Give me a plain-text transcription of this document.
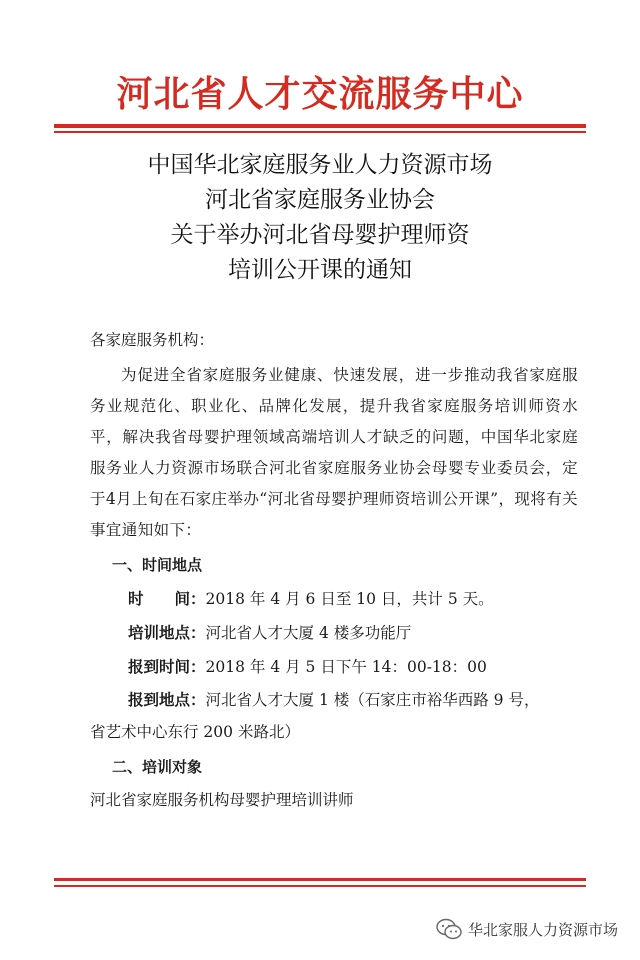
河北省人才交流服务中心
中国华北家庭服务业人力资源市场
河北省家庭服务业协会
关于举办河北省母婴护理师资
培训公开课的通知
各家庭服务机构：
为促进全省家庭服务业健康、快速发展，进一步推动我省家庭服务业规范化、职业化、品牌化发展，提升我省家庭服务培训师资水平，解决我省母婴护理领域高端培训人才缺乏的问题，中国华北家庭服务业人力资源市场联合河北省家庭服务业协会母婴专业委员会，定于4月上旬在石家庄举办“河北省母婴护理师资培训公开课”，现将有关事宜通知如下：
一、时间地点
时　　间：2018 年 4 月 6 日至 10 日，共计 5 天。
培训地点：河北省人才大厦 4 楼多功能厅
报到时间：2018 年 4 月 5 日下午 14：00-18：00
报到地点：河北省人才大厦 1 楼（石家庄市裕华西路 9 号，
省艺术中心东行 200 米路北）
二、培训对象
河北省家庭服务机构母婴护理培训讲师
华北家服人力资源市场
